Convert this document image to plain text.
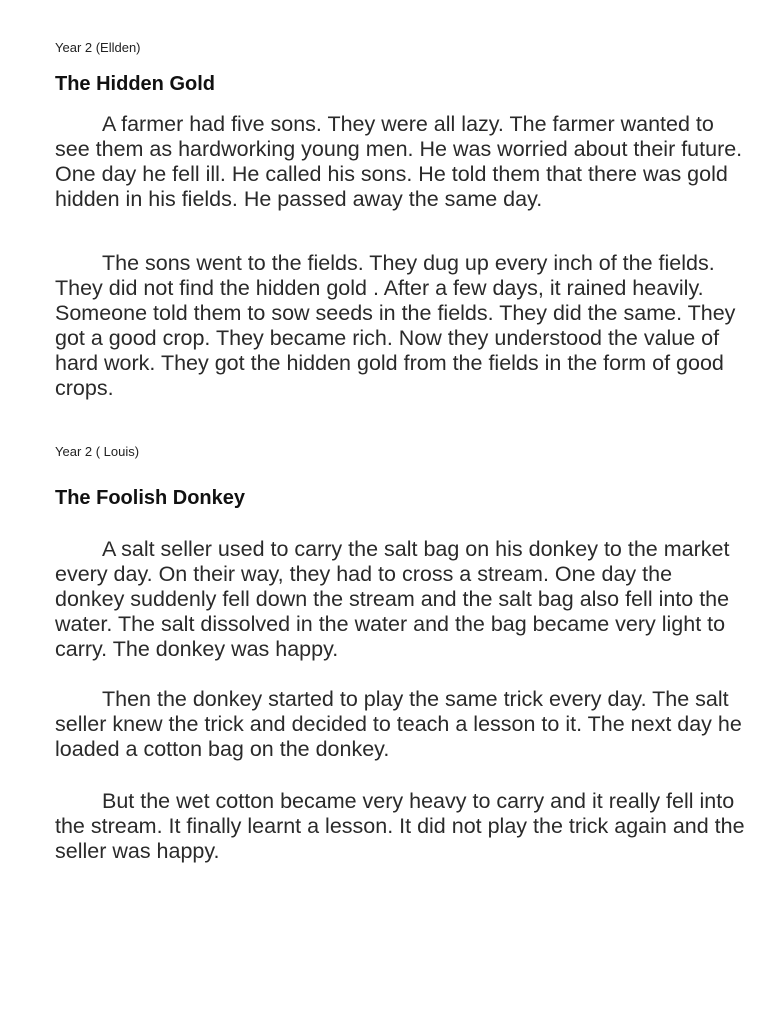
Year 2 (Ellden)

The Hidden Gold

A farmer had five sons. They were all lazy. The farmer wanted to see them as hardworking young men. He was worried about their future. One day he fell ill. He called his sons. He told them that there was gold hidden in his fields. He passed away the same day.

The sons went to the fields. They dug up every inch of the fields. They did not find the hidden gold . After a few days, it rained heavily. Someone told them to sow seeds in the fields. They did the same. They got a good crop. They became rich. Now they understood the value of hard work. They got the hidden gold from the fields in the form of good crops.

Year 2 ( Louis)

The Foolish Donkey

A salt seller used to carry the salt bag on his donkey to the market every day. On their way, they had to cross a stream. One day the donkey suddenly fell down the stream and the salt bag also fell into the water. The salt dissolved in the water and the bag became very light to carry. The donkey was happy.

Then the donkey started to play the same trick every day. The salt seller knew the trick and decided to teach a lesson to it. The next day he loaded a cotton bag on the donkey.

But the wet cotton became very heavy to carry and it really fell into the stream. It finally learnt a lesson. It did not play the trick again and the seller was happy.
